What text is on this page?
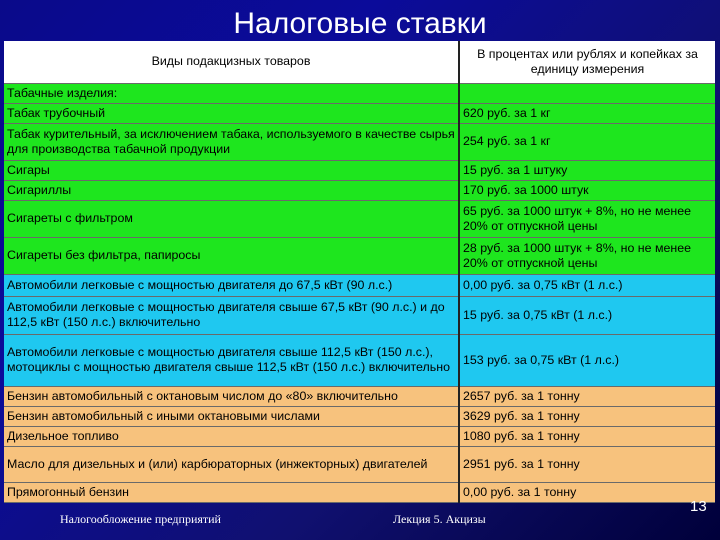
Налоговые ставки
Виды подакцизных товаров	В процентах или рублях и копейках за единицу измерения
Табачные изделия:	
Табак трубочный	620 руб. за 1 кг
Табак курительный, за исключением табака, используемого в качестве сырья для производства табачной продукции	254 руб. за 1 кг
Сигары	15 руб. за 1 штуку
Сигариллы	170 руб. за 1000 штук
Сигареты с фильтром	65 руб. за 1000 штук + 8%, но не менее 20% от отпускной цены
Сигареты без фильтра, папиросы	28 руб. за 1000 штук + 8%, но не менее 20% от отпускной цены
Автомобили легковые с мощностью двигателя до 67,5 кВт (90 л.с.)	0,00 руб. за 0,75 кВт (1 л.с.)
Автомобили легковые с мощностью двигателя свыше 67,5 кВт (90 л.с.) и до 112,5 кВт (150 л.с.) включительно	15 руб. за 0,75 кВт (1 л.с.)
Автомобили легковые с мощностью двигателя свыше 112,5 кВт (150 л.с.), мотоциклы с мощностью двигателя свыше 112,5 кВт (150 л.с.) включительно	153 руб. за 0,75 кВт (1 л.с.)
Бензин автомобильный с октановым числом до «80» включительно	2657 руб. за 1 тонну
Бензин автомобильный с иными октановыми числами	3629 руб. за 1 тонну
Дизельное топливо	1080 руб. за 1 тонну
Масло для дизельных и (или) карбюраторных (инжекторных) двигателей	2951 руб. за 1 тонну
Прямогонный бензин	0,00 руб. за 1 тонну
Налогообложение предприятий	Лекция 5. Акцизы
13
